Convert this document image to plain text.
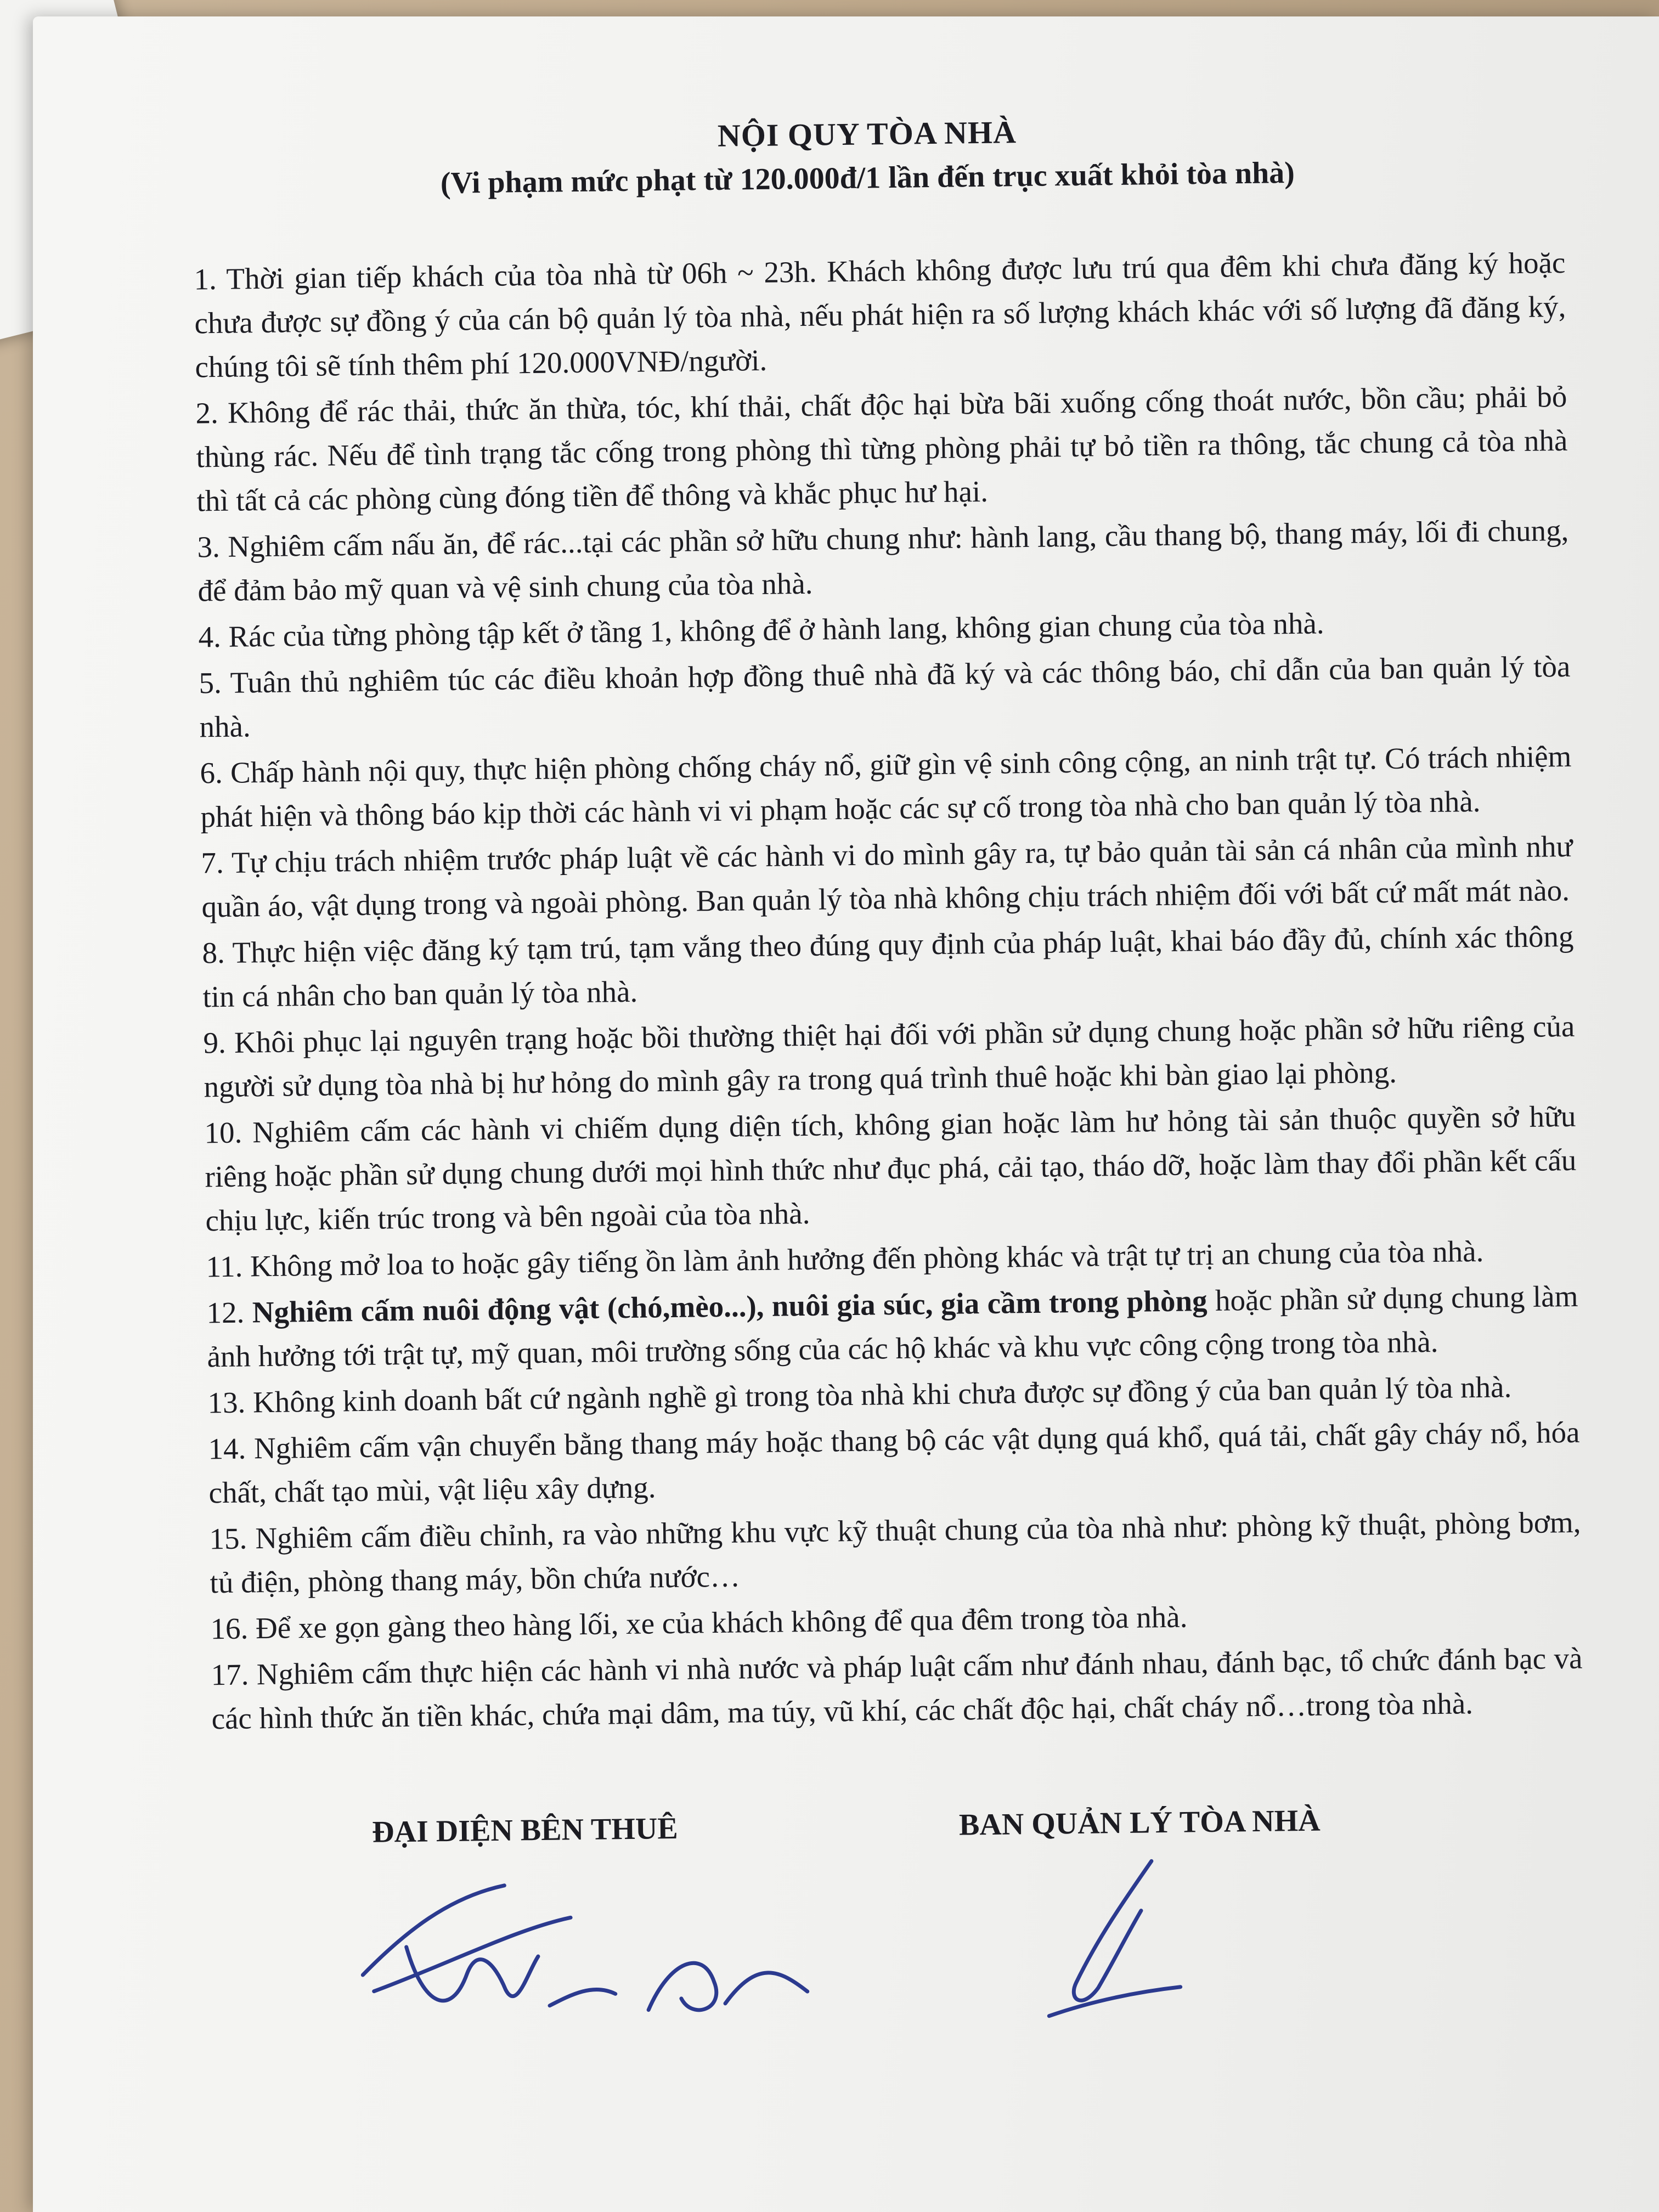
NỘI QUY TÒA NHÀ
(Vi phạm mức phạt từ 120.000đ/1 lần đến trục xuất khỏi tòa nhà)
1. Thời gian tiếp khách của tòa nhà từ 06h ~ 23h. Khách không được lưu trú qua đêm khi chưa đăng ký hoặc chưa được sự đồng ý của cán bộ quản lý tòa nhà, nếu phát hiện ra số lượng khách khác với số lượng đã đăng ký, chúng tôi sẽ tính thêm phí 120.000VNĐ/người.
2. Không để rác thải, thức ăn thừa, tóc, khí thải, chất độc hại bừa bãi xuống cống thoát nước, bồn cầu; phải bỏ thùng rác. Nếu để tình trạng tắc cống trong phòng thì từng phòng phải tự bỏ tiền ra thông, tắc chung cả tòa nhà thì tất cả các phòng cùng đóng tiền để thông và khắc phục hư hại.
3. Nghiêm cấm nấu ăn, để rác...tại các phần sở hữu chung như: hành lang, cầu thang bộ, thang máy, lối đi chung, để đảm bảo mỹ quan và vệ sinh chung của tòa nhà.
4. Rác của từng phòng tập kết ở tầng 1, không để ở hành lang, không gian chung của tòa nhà.
5. Tuân thủ nghiêm túc các điều khoản hợp đồng thuê nhà đã ký và các thông báo, chỉ dẫn của ban quản lý tòa nhà.
6. Chấp hành nội quy, thực hiện phòng chống cháy nổ, giữ gìn vệ sinh công cộng, an ninh trật tự. Có trách nhiệm phát hiện và thông báo kịp thời các hành vi vi phạm hoặc các sự cố trong tòa nhà cho ban quản lý tòa nhà.
7. Tự chịu trách nhiệm trước pháp luật về các hành vi do mình gây ra, tự bảo quản tài sản cá nhân của mình như quần áo, vật dụng trong và ngoài phòng. Ban quản lý tòa nhà không chịu trách nhiệm đối với bất cứ mất mát nào.
8. Thực hiện việc đăng ký tạm trú, tạm vắng theo đúng quy định của pháp luật, khai báo đầy đủ, chính xác thông tin cá nhân cho ban quản lý tòa nhà.
9. Khôi phục lại nguyên trạng hoặc bồi thường thiệt hại đối với phần sử dụng chung hoặc phần sở hữu riêng của người sử dụng tòa nhà bị hư hỏng do mình gây ra trong quá trình thuê hoặc khi bàn giao lại phòng.
10. Nghiêm cấm các hành vi chiếm dụng diện tích, không gian hoặc làm hư hỏng tài sản thuộc quyền sở hữu riêng hoặc phần sử dụng chung dưới mọi hình thức như đục phá, cải tạo, tháo dỡ, hoặc làm thay đổi phần kết cấu chịu lực, kiến trúc trong và bên ngoài của tòa nhà.
11. Không mở loa to hoặc gây tiếng ồn làm ảnh hưởng đến phòng khác và trật tự trị an chung của tòa nhà.
12. Nghiêm cấm nuôi động vật (chó,mèo...), nuôi gia súc, gia cầm trong phòng hoặc phần sử dụng chung làm ảnh hưởng tới trật tự, mỹ quan, môi trường sống của các hộ khác và khu vực công cộng trong tòa nhà.
13. Không kinh doanh bất cứ ngành nghề gì trong tòa nhà khi chưa được sự đồng ý của ban quản lý tòa nhà.
14. Nghiêm cấm vận chuyển bằng thang máy hoặc thang bộ các vật dụng quá khổ, quá tải, chất gây cháy nổ, hóa chất, chất tạo mùi, vật liệu xây dựng.
15. Nghiêm cấm điều chỉnh, ra vào những khu vực kỹ thuật chung của tòa nhà như: phòng kỹ thuật, phòng bơm, tủ điện, phòng thang máy, bồn chứa nước…
16. Để xe gọn gàng theo hàng lối, xe của khách không để qua đêm trong tòa nhà.
17. Nghiêm cấm thực hiện các hành vi nhà nước và pháp luật cấm như đánh nhau, đánh bạc, tổ chức đánh bạc và các hình thức ăn tiền khác, chứa mại dâm, ma túy, vũ khí, các chất độc hại, chất cháy nổ…trong tòa nhà.
ĐẠI DIỆN BÊN THUÊ	BAN QUẢN LÝ TÒA NHÀ
